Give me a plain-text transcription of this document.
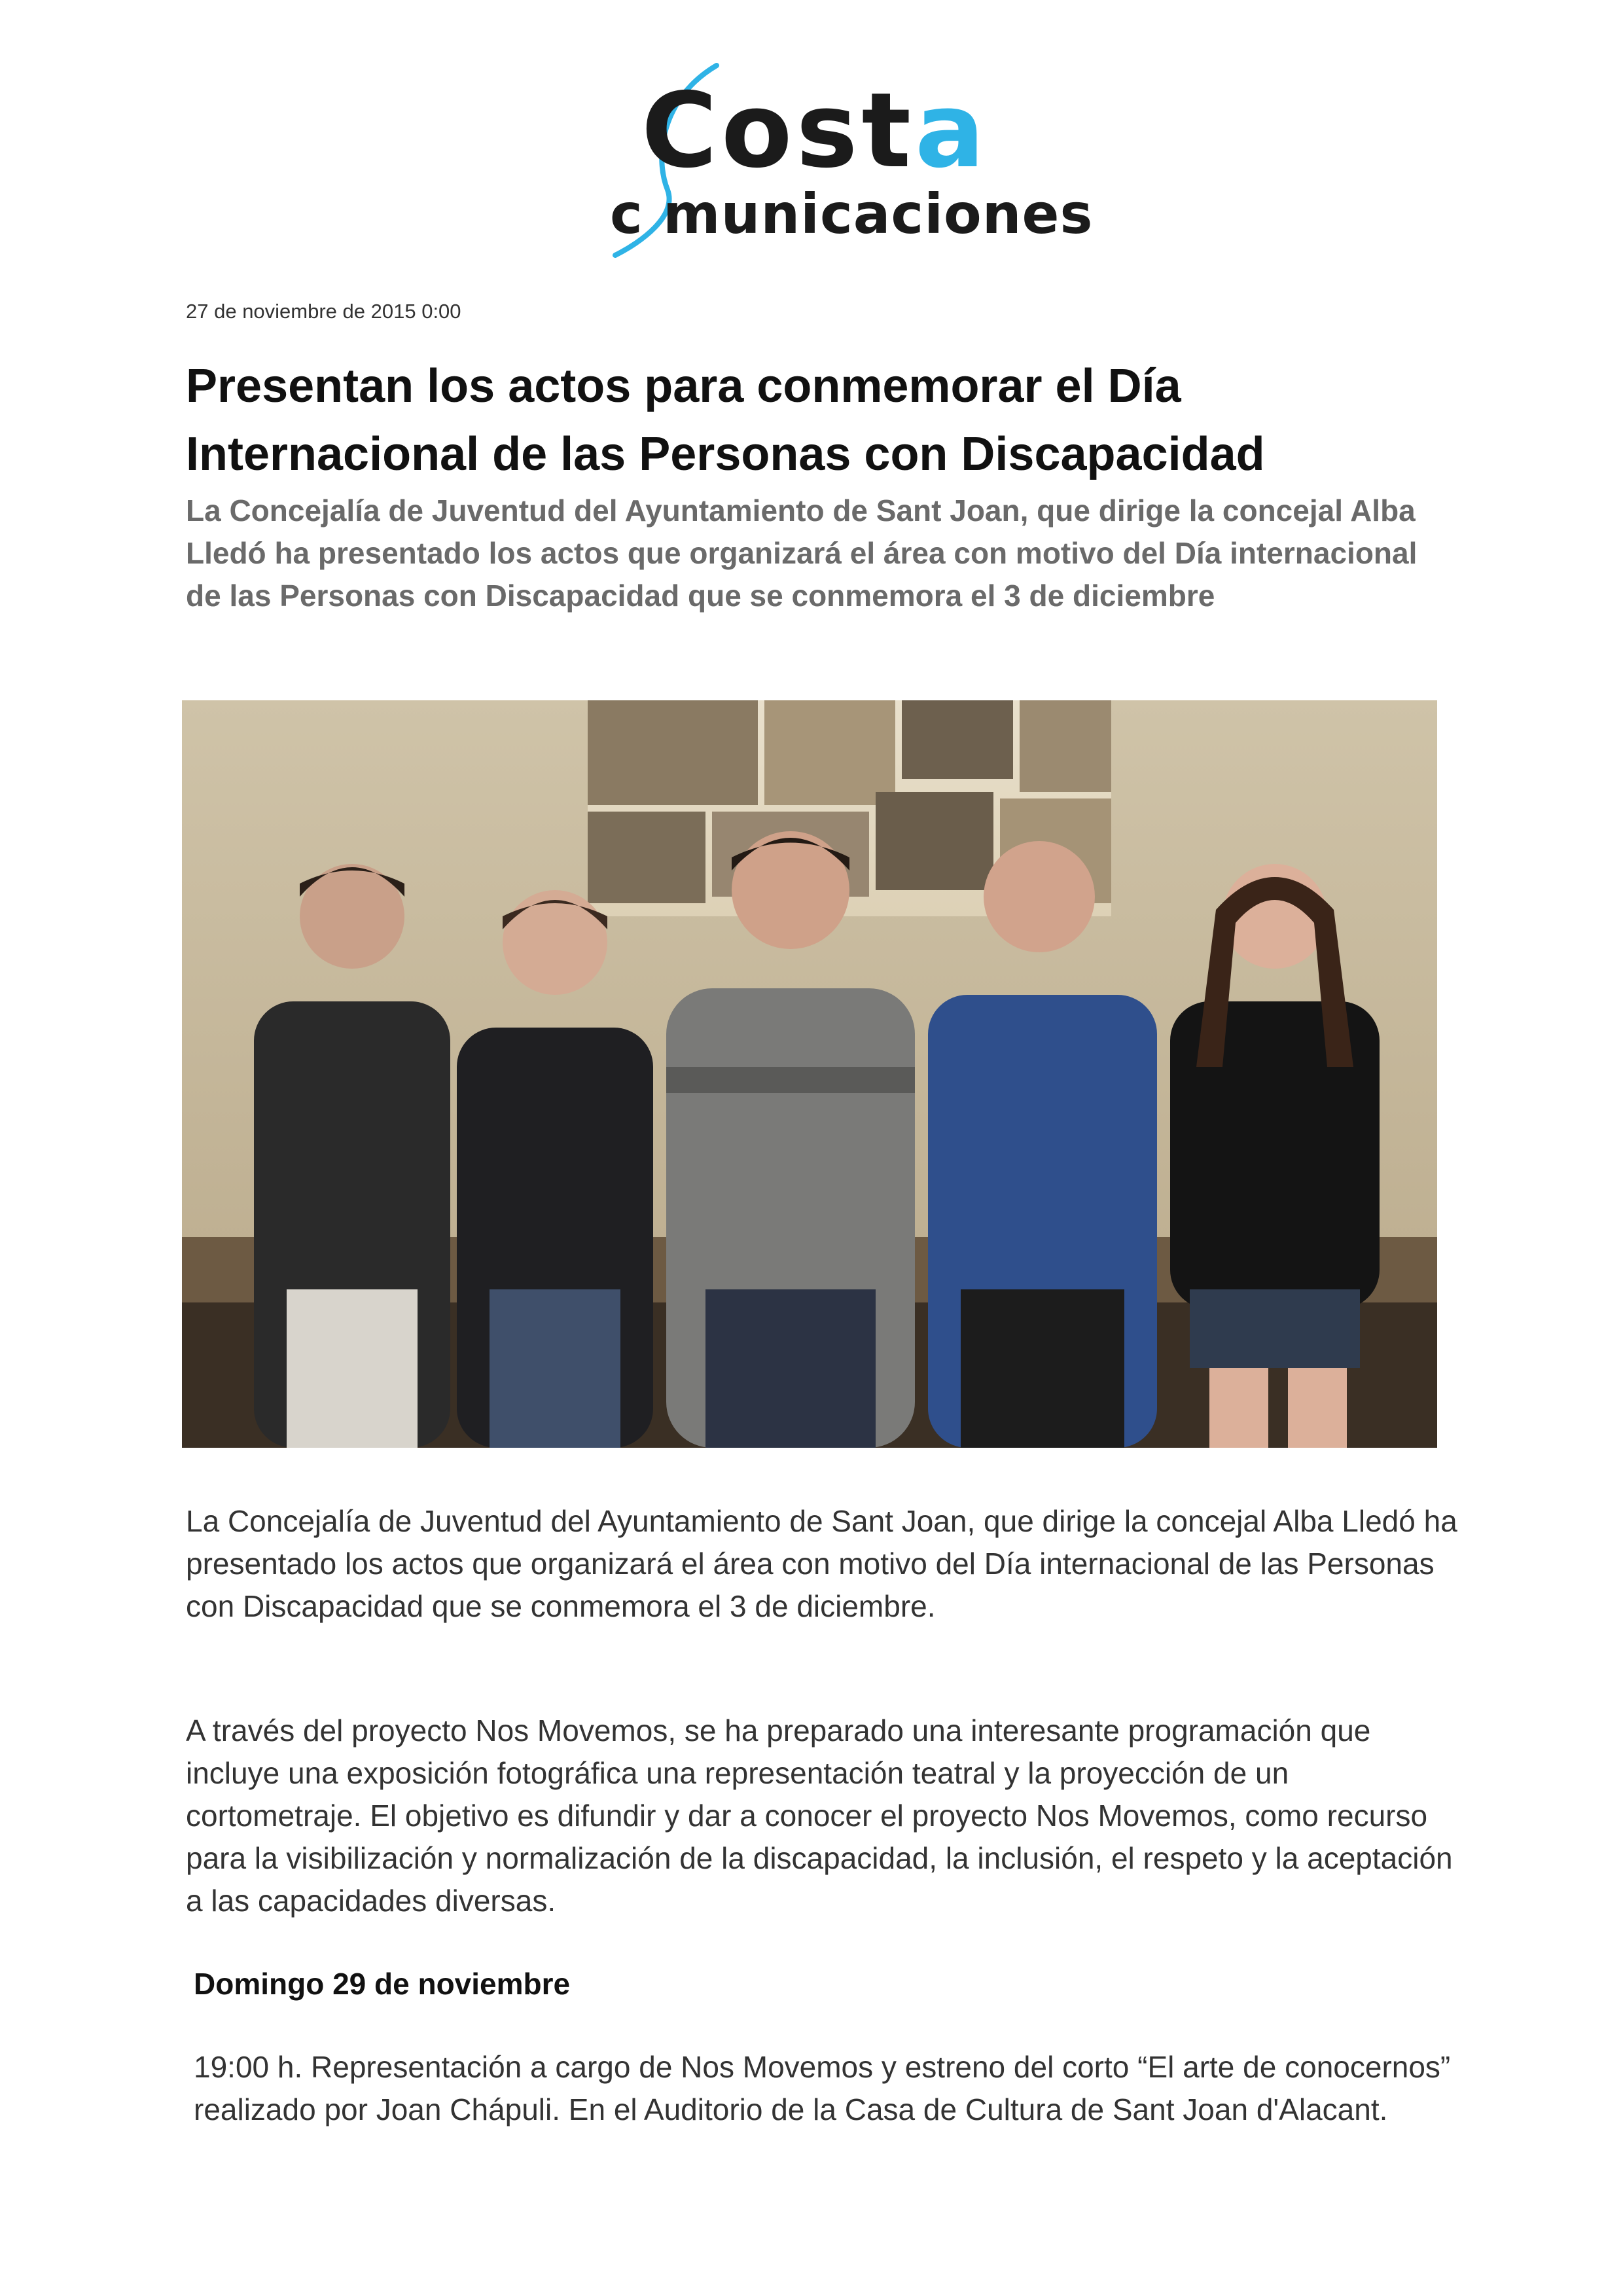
Costa
c municaciones
27 de noviembre de 2015 0:00
Presentan los actos para conmemorar el Día Internacional de las Personas con Discapacidad

La Concejalía de Juventud del Ayuntamiento de Sant Joan, que dirige la concejal Alba Lledó ha presentado los actos que organizará el área con motivo del Día internacional de las Personas con Discapacidad que se conmemora el 3 de diciembre

La Concejalía de Juventud del Ayuntamiento de Sant Joan, que dirige la concejal Alba Lledó ha presentado los actos que organizará el área con motivo del Día internacional de las Personas con Discapacidad que se conmemora el 3 de diciembre.

A través del proyecto Nos Movemos, se ha preparado una interesante programación que incluye una exposición fotográfica una representación teatral y la proyección de un cortometraje. El objetivo es difundir y dar a conocer el proyecto Nos Movemos, como recurso para la visibilización y normalización de la discapacidad, la inclusión, el respeto y la aceptación a las capacidades diversas.

Domingo 29 de noviembre

19:00 h. Representación a cargo de Nos Movemos y estreno del corto “El arte de conocernos” realizado por Joan Chápuli. En el Auditorio de la Casa de Cultura de Sant Joan d'Alacant.
